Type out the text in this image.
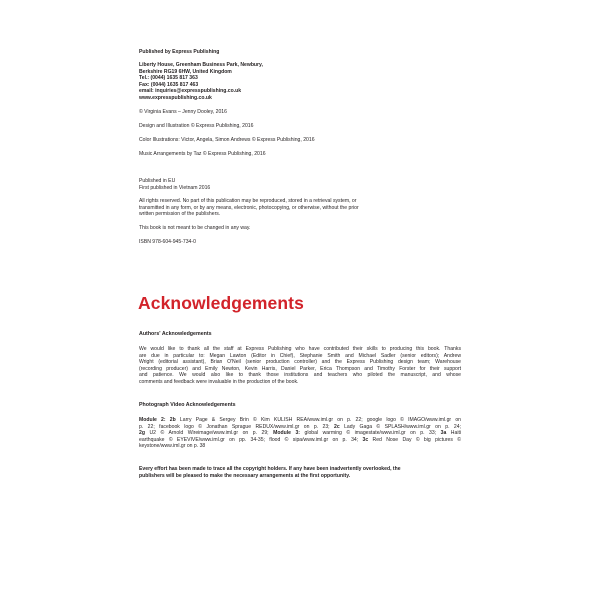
Published by Express Publishing

Liberty House, Greenham Business Park, Newbury,

Berkshire RG19 6HW, United Kingdom

Tel.: (0044) 1635 817 363

Fax: (0044) 1635 817 463

email: inquiries@expresspublishing.co.uk

www.expresspublishing.co.uk

© Virginia Evans – Jenny Dooley, 2016

Design and Illustration © Express Publishing, 2016

Color Illustrations: Victor, Angela, Simon Andrews © Express Publishing, 2016

Music Arrangements by Taz © Express Publishing, 2016

Published in EU

First published in Vietnam 2016

All rights reserved. No part of this publication may be reproduced, stored in a retrieval system, or

transmitted in any form, or by any means, electronic, photocopying, or otherwise, without the prior

written permission of the publishers.

This book is not meant to be changed in any way.

ISBN 978-604-945-734-0

Acknowledgements

Authors' Acknowledgements

We would like to thank all the staff at Express Publishing who have contributed their skills to producing this book. Thanks
are due in particular to: Megan Lawton (Editor in Chief), Stephanie Smith and Michael Sadler (senior editors); Andrew
Wright (editorial assistant), Brian O'Neil (senior production controller) and the Express Publishing design team; Warehouse
(recording producer) and Emily Newton, Kevin Harris, Daniel Parker, Erica Thompson and Timothy Forster for their support
and patience. We would also like to thank those institutions and teachers who piloted the manuscript, and whose
comments and feedback were invaluable in the production of the book.

Photograph Video Acknowledgements

Module 2: 2b Larry Page & Sergey Brin © Kim KULISH REA/www.iml.gr on p. 22; google logo © IMAGO/www.iml.gr on
p. 22; facebook logo © Jonathan Sprague REDUX/www.iml.gr on p. 23; 2c Lady Gaga © SPLASH/www.iml.gr on p. 24;
2g U2 © Arnold Wireimage/www.iml.gr on p. 29; Module 3: global warming © imagestate/www.iml.gr on p. 33; 3a Haiti
earthquake © EYEVIVE/www.iml.gr on pp. 34-35; flood © sipa/www.iml.gr on p. 34; 3c Red Nose Day © big pictures ©
keystone/www.iml.gr on p. 38

Every effort has been made to trace all the copyright holders. If any have been inadvertently overlooked, the

publishers will be pleased to make the necessary arrangements at the first opportunity.
